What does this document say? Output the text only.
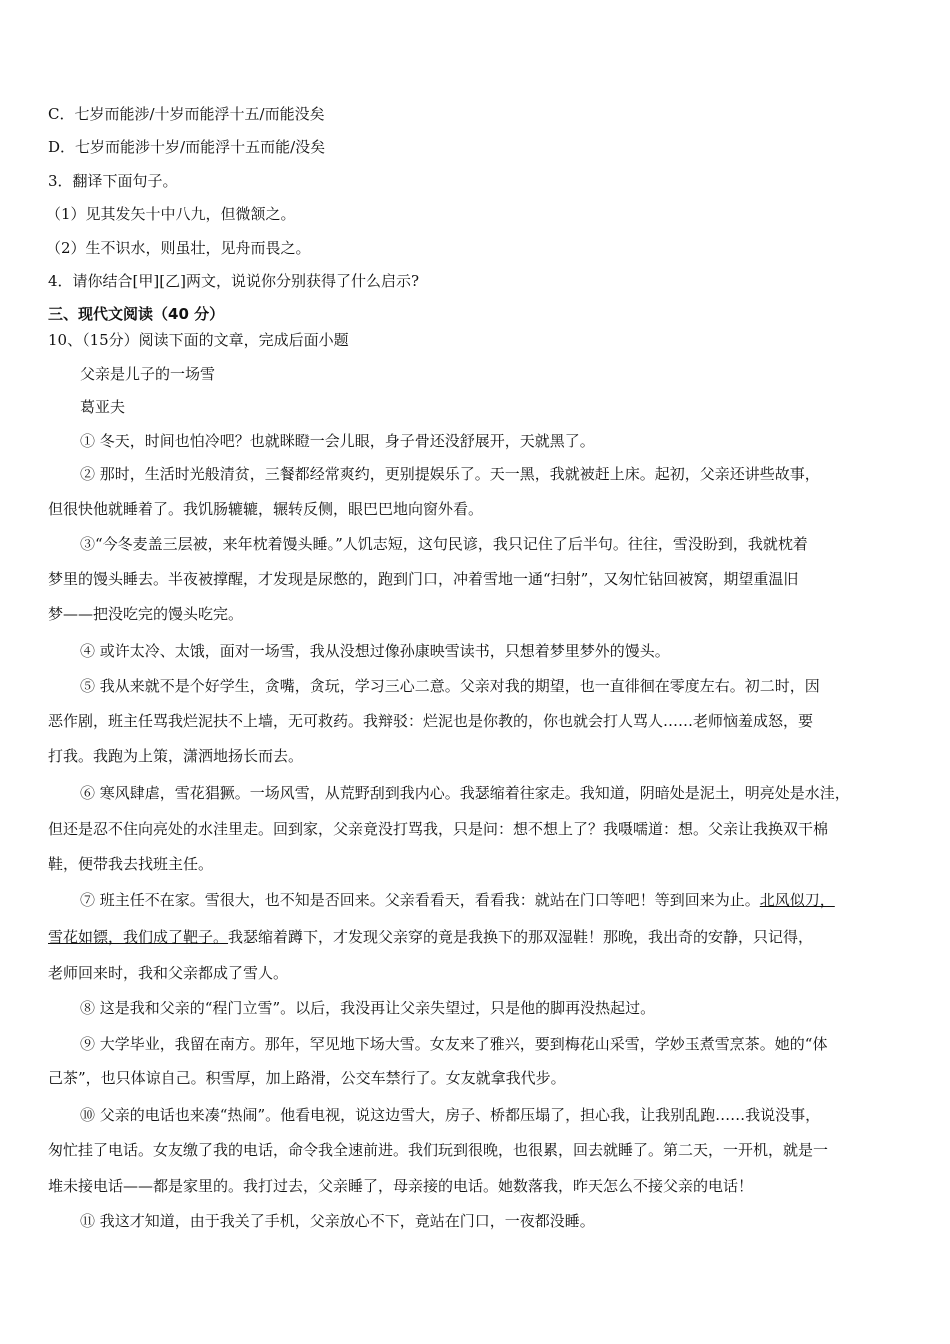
C．七岁而能涉/十岁而能浮十五/而能没矣
D．七岁而能涉十岁/而能浮十五而能/没矣
3．翻译下面句子。
（1）见其发矢十中八九，但微颔之。
（2）生不识水，则虽壮，见舟而畏之。
4．请你结合[甲][乙]两文，说说你分别获得了什么启示?
三、现代文阅读（40 分）
10、（15分）阅读下面的文章，完成后面小题
父亲是儿子的一场雪
葛亚夫
① 冬天，时间也怕冷吧？也就眯瞪一会儿眼，身子骨还没舒展开，天就黑了。
② 那时，生活时光般清贫，三餐都经常爽约，更别提娱乐了。天一黑，我就被赶上床。起初，父亲还讲些故事，
但很快他就睡着了。我饥肠辘辘，辗转反侧，眼巴巴地向窗外看。
③“今冬麦盖三层被，来年枕着馒头睡。”人饥志短，这句民谚，我只记住了后半句。往往，雪没盼到，我就枕着
梦里的馒头睡去。半夜被撑醒，才发现是尿憋的，跑到门口，冲着雪地一通“扫射”，又匆忙钻回被窝，期望重温旧
梦——把没吃完的馒头吃完。
④ 或许太冷、太饿，面对一场雪，我从没想过像孙康映雪读书，只想着梦里梦外的馒头。
⑤ 我从来就不是个好学生，贪嘴，贪玩，学习三心二意。父亲对我的期望，也一直徘徊在零度左右。初二时，因
恶作剧，班主任骂我烂泥扶不上墙，无可救药。我辩驳：烂泥也是你教的，你也就会打人骂人……老师恼羞成怒，要
打我。我跑为上策，潇洒地扬长而去。
⑥ 寒风肆虐，雪花猖獗。一场风雪，从荒野刮到我内心。我瑟缩着往家走。我知道，阴暗处是泥土，明亮处是水洼，
但还是忍不住向亮处的水洼里走。回到家，父亲竟没打骂我，只是问：想不想上了？我嗫嚅道：想。父亲让我换双干棉
鞋，便带我去找班主任。
⑦ 班主任不在家。雪很大，也不知是否回来。父亲看看天，看看我：就站在门口等吧！等到回来为止。北风似刀，
雪花如镖，我们成了靶子。我瑟缩着蹲下，才发现父亲穿的竟是我换下的那双湿鞋！那晚，我出奇的安静，只记得，
老师回来时，我和父亲都成了雪人。
⑧ 这是我和父亲的“程门立雪”。以后，我没再让父亲失望过，只是他的脚再没热起过。
⑨ 大学毕业，我留在南方。那年，罕见地下场大雪。女友来了雅兴，要到梅花山采雪，学妙玉煮雪烹茶。她的“体
己茶”，也只体谅自己。积雪厚，加上路滑，公交车禁行了。女友就拿我代步。
⑩ 父亲的电话也来凑“热闹”。他看电视，说这边雪大，房子、桥都压塌了，担心我，让我别乱跑……我说没事，
匆忙挂了电话。女友缴了我的电话，命令我全速前进。我们玩到很晚，也很累，回去就睡了。第二天，一开机，就是一
堆未接电话——都是家里的。我打过去，父亲睡了，母亲接的电话。她数落我，昨天怎么不接父亲的电话！
⑪ 我这才知道，由于我关了手机，父亲放心不下，竟站在门口，一夜都没睡。
